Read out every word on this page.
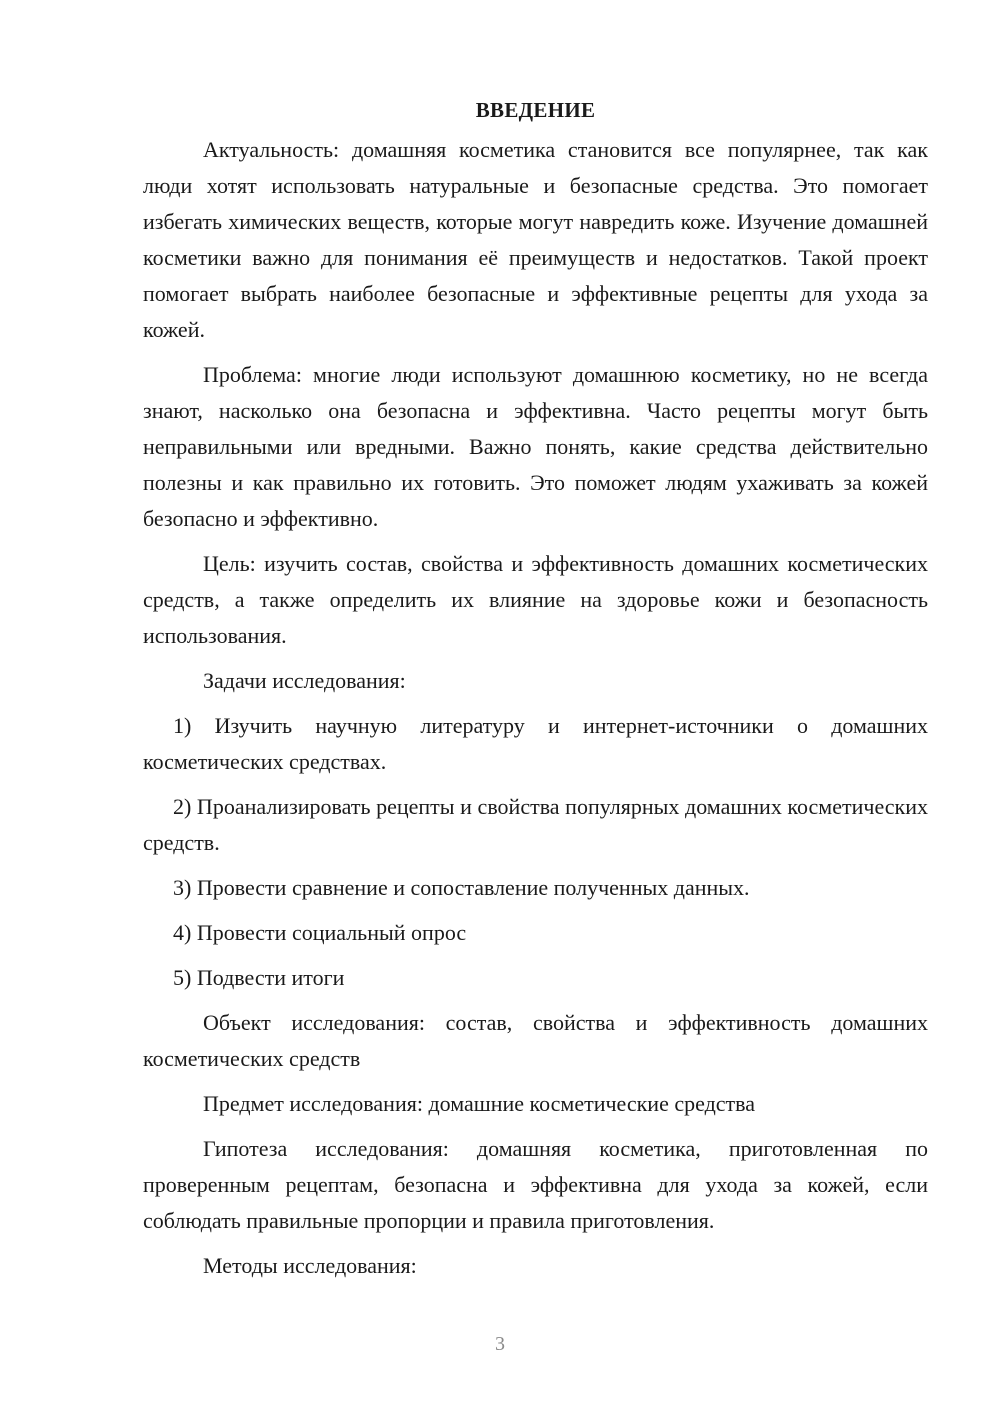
ВВЕДЕНИЕ

Актуальность: домашняя косметика становится все популярнее, так как люди хотят использовать натуральные и безопасные средства. Это помогает избегать химических веществ, которые могут навредить коже. Изучение домашней косметики важно для понимания её преимуществ и недостатков. Такой проект помогает выбрать наиболее безопасные и эффективные рецепты для ухода за кожей.

Проблема: многие люди используют домашнюю косметику, но не всегда знают, насколько она безопасна и эффективна. Часто рецепты могут быть неправильными или вредными. Важно понять, какие средства действительно полезны и как правильно их готовить. Это поможет людям ухаживать за кожей безопасно и эффективно.

Цель: изучить состав, свойства и эффективность домашних косметических средств, а также определить их влияние на здоровье кожи и безопасность использования.

Задачи исследования:

1) Изучить научную литературу и интернет-источники о домашних косметических средствах.

2) Проанализировать рецепты и свойства популярных домашних косметических средств.

3) Провести сравнение и сопоставление полученных данных.

4) Провести социальный опрос

5) Подвести итоги

Объект исследования: состав, свойства и эффективность домашних косметических средств

Предмет исследования: домашние косметические средства

Гипотеза исследования: домашняя косметика, приготовленная по проверенным рецептам, безопасна и эффективна для ухода за кожей, если соблюдать правильные пропорции и правила приготовления.

Методы исследования:

3
